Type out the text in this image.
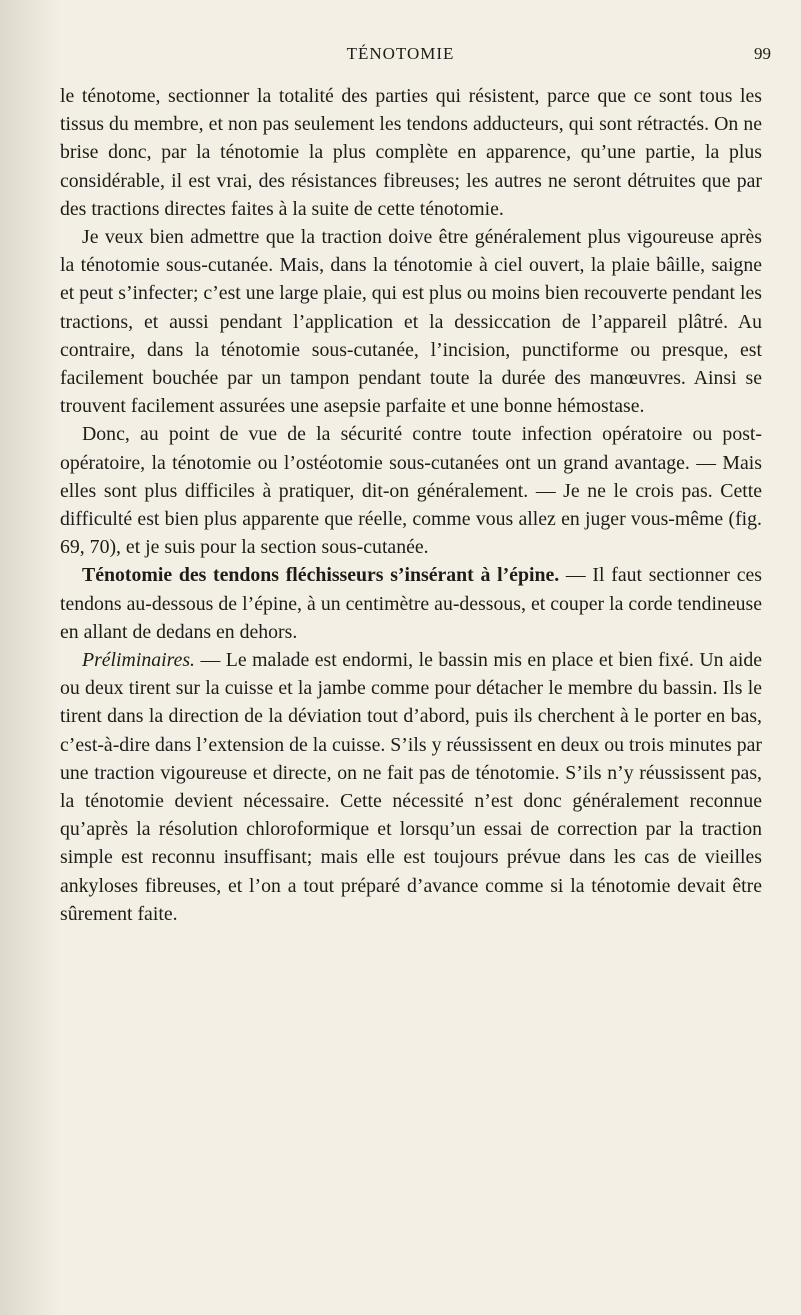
TÉNOTOMIE	99

le ténotome, sectionner la totalité des parties qui résistent, parce que ce sont tous les tissus du membre, et non pas seulement les tendons adducteurs, qui sont rétractés. On ne brise donc, par la ténotomie la plus complète en apparence, qu’une partie, la plus considérable, il est vrai, des résistances fibreuses; les autres ne seront détruites que par des tractions directes faites à la suite de cette ténotomie.

Je veux bien admettre que la traction doive être généralement plus vigoureuse après la ténotomie sous-cutanée. Mais, dans la ténotomie à ciel ouvert, la plaie bâille, saigne et peut s’infecter; c’est une large plaie, qui est plus ou moins bien recouverte pendant les tractions, et aussi pendant l’application et la dessiccation de l’appareil plâtré. Au contraire, dans la ténotomie sous-cutanée, l’incision, punctiforme ou presque, est facilement bouchée par un tampon pendant toute la durée des manœuvres. Ainsi se trouvent facilement assurées une asepsie parfaite et une bonne hémostase.

Donc, au point de vue de la sécurité contre toute infection opératoire ou post-opératoire, la ténotomie ou l’ostéotomie sous-cutanées ont un grand avantage. — Mais elles sont plus difficiles à pratiquer, dit-on généralement. — Je ne le crois pas. Cette difficulté est bien plus apparente que réelle, comme vous allez en juger vous-même (fig. 69, 70), et je suis pour la section sous-cutanée.

Ténotomie des tendons fléchisseurs s’insérant à l’épine. — Il faut sectionner ces tendons au-dessous de l’épine, à un centimètre au-dessous, et couper la corde tendineuse en allant de dedans en dehors.

Préliminaires. — Le malade est endormi, le bassin mis en place et bien fixé. Un aide ou deux tirent sur la cuisse et la jambe comme pour détacher le membre du bassin. Ils le tirent dans la direction de la déviation tout d’abord, puis ils cherchent à le porter en bas, c’est-à-dire dans l’extension de la cuisse. S’ils y réussissent en deux ou trois minutes par une traction vigoureuse et directe, on ne fait pas de ténotomie. S’ils n’y réussissent pas, la ténotomie devient nécessaire. Cette nécessité n’est donc généralement reconnue qu’après la résolution chloroformique et lorsqu’un essai de correction par la traction simple est reconnu insuffisant; mais elle est toujours prévue dans les cas de vieilles ankyloses fibreuses, et l’on a tout préparé d’avance comme si la ténotomie devait être sûrement faite.
